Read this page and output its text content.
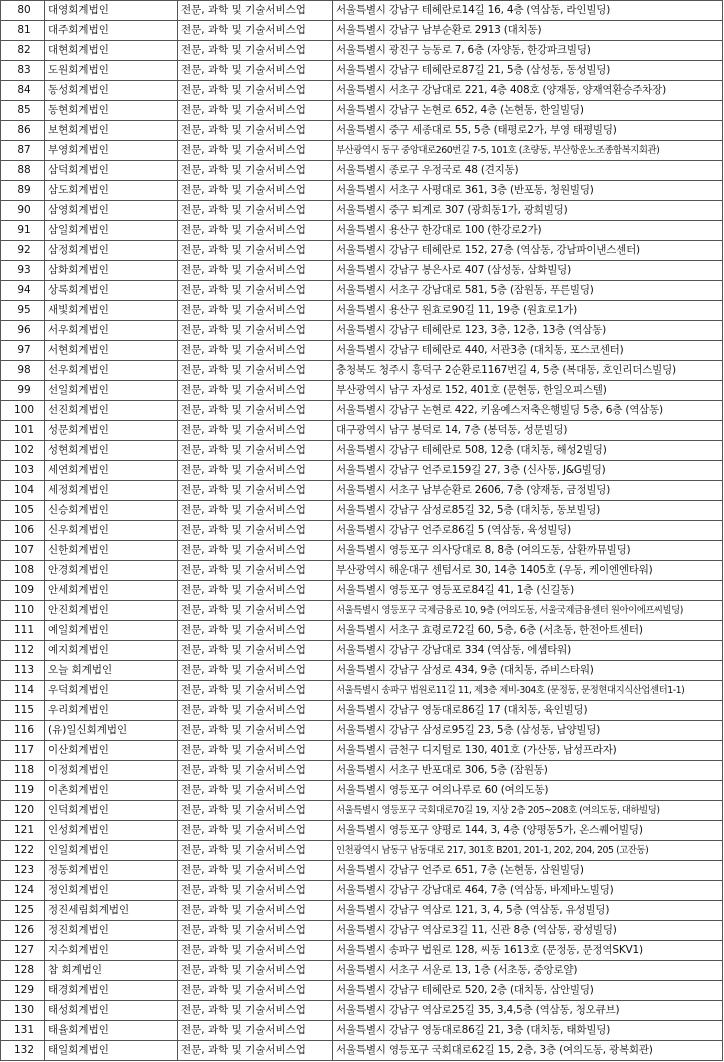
80	대영회계법인	전문, 과학 및 기술서비스업	서울특별시 강남구 테헤란로14길 16, 4층 (역삼동, 라인빌딩)
81	대주회계법인	전문, 과학 및 기술서비스업	서울특별시 강남구 남부순환로 2913 (대치동)
82	대현회계법인	전문, 과학 및 기술서비스업	서울특별시 광진구 능동로 7, 6층 (자양동, 한강파크빌딩)
83	도원회계법인	전문, 과학 및 기술서비스업	서울특별시 강남구 테헤란로87길 21, 5층 (삼성동, 동성빌딩)
84	동성회계법인	전문, 과학 및 기술서비스업	서울특별시 서초구 강남대로 221, 4층 408호 (양재동, 양재역환승주차장)
85	동현회계법인	전문, 과학 및 기술서비스업	서울특별시 강남구 논현로 652, 4층 (논현동, 한일빌딩)
86	보현회계법인	전문, 과학 및 기술서비스업	서울특별시 중구 세종대로 55, 5층 (태평로2가, 부영 태평빌딩)
87	부영회계법인	전문, 과학 및 기술서비스업	부산광역시 동구 중앙대로260번길 7-5, 101호 (초량동, 부산항운노조종합복지회관)
88	삼덕회계법인	전문, 과학 및 기술서비스업	서울특별시 종로구 우정국로 48 (견지동)
89	삼도회계법인	전문, 과학 및 기술서비스업	서울특별시 서초구 사평대로 361, 3층 (반포동, 청원빌딩)
90	삼영회계법인	전문, 과학 및 기술서비스업	서울특별시 중구 퇴계로 307 (광희동1가, 광희빌딩)
91	삼일회계법인	전문, 과학 및 기술서비스업	서울특별시 용산구 한강대로 100 (한강로2가)
92	삼정회계법인	전문, 과학 및 기술서비스업	서울특별시 강남구 테헤란로 152, 27층 (역삼동, 강남파이낸스센터)
93	삼화회계법인	전문, 과학 및 기술서비스업	서울특별시 강남구 봉은사로 407 (삼성동, 삼화빌딩)
94	상록회계법인	전문, 과학 및 기술서비스업	서울특별시 서초구 강남대로 581, 5층 (잠원동, 푸른빌딩)
95	새빛회계법인	전문, 과학 및 기술서비스업	서울특별시 용산구 원효로90길 11, 19층 (원효로1가)
96	서우회계법인	전문, 과학 및 기술서비스업	서울특별시 강남구 테헤란로 123, 3층, 12층, 13층 (역삼동)
97	서현회계법인	전문, 과학 및 기술서비스업	서울특별시 강남구 테헤란로 440, 서관3층 (대치동, 포스코센터)
98	선우회계법인	전문, 과학 및 기술서비스업	충청북도 청주시 흥덕구 2순환로1167번길 4, 5층 (복대동, 호인리더스빌딩)
99	선일회계법인	전문, 과학 및 기술서비스업	부산광역시 남구 자성로 152, 401호 (문현동, 한일오피스텔)
100	선진회계법인	전문, 과학 및 기술서비스업	서울특별시 강남구 논현로 422, 키움예스저축은행빌딩 5층, 6층 (역삼동)
101	성문회계법인	전문, 과학 및 기술서비스업	대구광역시 남구 봉덕로 14, 7층 (봉덕동, 성문빌딩)
102	성현회계법인	전문, 과학 및 기술서비스업	서울특별시 강남구 테헤란로 508, 12층 (대치동, 해성2빌딩)
103	세연회계법인	전문, 과학 및 기술서비스업	서울특별시 강남구 언주로159길 27, 3층 (신사동, J&G빌딩)
104	세정회계법인	전문, 과학 및 기술서비스업	서울특별시 서초구 남부순환로 2606, 7층 (양재동, 금정빌딩)
105	신승회계법인	전문, 과학 및 기술서비스업	서울특별시 강남구 삼성로85길 32, 5층 (대치동, 동보빌딩)
106	신우회계법인	전문, 과학 및 기술서비스업	서울특별시 강남구 언주로86길 5 (역삼동, 육성빌딩)
107	신한회계법인	전문, 과학 및 기술서비스업	서울특별시 영등포구 의사당대로 8, 8층 (여의도동, 삼환까뮤빌딩)
108	안경회계법인	전문, 과학 및 기술서비스업	부산광역시 해운대구 센텀서로 30, 14층 1405호 (우동, 케이엔엔타워)
109	안세회계법인	전문, 과학 및 기술서비스업	서울특별시 영등포구 영등포로84길 41, 1층 (신길동)
110	안진회계법인	전문, 과학 및 기술서비스업	서울특별시 영등포구 국제금융로 10, 9층 (여의도동, 서울국제금융센터 원아이에프씨빌딩)
111	예일회계법인	전문, 과학 및 기술서비스업	서울특별시 서초구 효령로72길 60, 5층, 6층 (서초동, 한전아트센터)
112	예지회계법인	전문, 과학 및 기술서비스업	서울특별시 강남구 강남대로 334 (역삼동, 에셈타워)
113	오늘 회계법인	전문, 과학 및 기술서비스업	서울특별시 강남구 삼성로 434, 9층 (대치동, 쥬비스타워)
114	우덕회계법인	전문, 과학 및 기술서비스업	서울특별시 송파구 법원로11길 11, 제3층 제비-304호 (문정동, 문정현대지식산업센터1-1)
115	우리회계법인	전문, 과학 및 기술서비스업	서울특별시 강남구 영동대로86길 17 (대치동, 육인빌딩)
116	(유)일신회계법인	전문, 과학 및 기술서비스업	서울특별시 강남구 삼성로95길 23, 5층 (삼성동, 남양빌딩)
117	이산회계법인	전문, 과학 및 기술서비스업	서울특별시 금천구 디지털로 130, 401호 (가산동, 남성프라자)
118	이정회계법인	전문, 과학 및 기술서비스업	서울특별시 서초구 반포대로 306, 5층 (잠원동)
119	이촌회계법인	전문, 과학 및 기술서비스업	서울특별시 영등포구 여의나루로 60 (여의도동)
120	인덕회계법인	전문, 과학 및 기술서비스업	서울특별시 영등포구 국회대로70길 19, 지상 2층 205~208호 (여의도동, 대하빌딩)
121	인성회계법인	전문, 과학 및 기술서비스업	서울특별시 영등포구 양평로 144, 3, 4층 (양평동5가, 온스퀘어빌딩)
122	인일회계법인	전문, 과학 및 기술서비스업	인천광역시 남동구 남동대로 217, 301호 B201, 201-1, 202, 204, 205 (고잔동)
123	정동회계법인	전문, 과학 및 기술서비스업	서울특별시 강남구 언주로 651, 7층 (논현동, 삼원빌딩)
124	정인회계법인	전문, 과학 및 기술서비스업	서울특별시 강남구 강남대로 464, 7층 (역삼동, 바제바노빌딩)
125	정진세림회계법인	전문, 과학 및 기술서비스업	서울특별시 강남구 역삼로 121, 3, 4, 5층 (역삼동, 유성빌딩)
126	정진회계법인	전문, 과학 및 기술서비스업	서울특별시 강남구 역삼로3길 11, 신관 8층 (역삼동, 광성빌딩)
127	지수회계법인	전문, 과학 및 기술서비스업	서울특별시 송파구 법원로 128, 씨동 1613호 (문정동, 문정역SKV1)
128	참 회계법인	전문, 과학 및 기술서비스업	서울특별시 서초구 서운로 13, 1층 (서초동, 중앙로얄)
129	태경회계법인	전문, 과학 및 기술서비스업	서울특별시 강남구 테헤란로 520, 2층 (대치동, 삼안빌딩)
130	태성회계법인	전문, 과학 및 기술서비스업	서울특별시 강남구 역삼로25길 35, 3,4,5층 (역삼동, 청오큐브)
131	태율회계법인	전문, 과학 및 기술서비스업	서울특별시 강남구 영동대로86길 21, 3층 (대치동, 태화빌딩)
132	태일회계법인	전문, 과학 및 기술서비스업	서울특별시 영등포구 국회대로62길 15, 2층, 3층 (여의도동, 광복회관)
